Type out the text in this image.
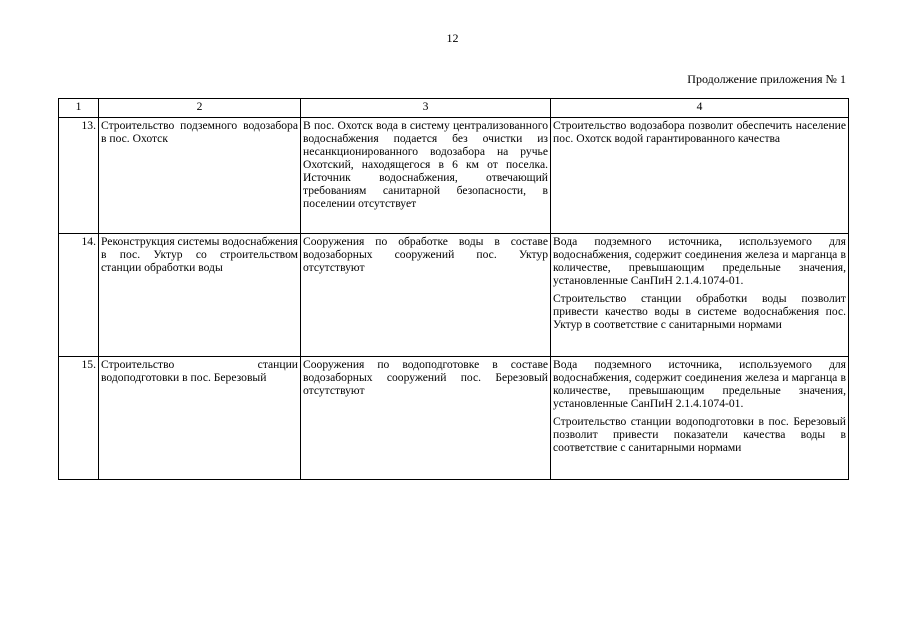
12
Продолжение приложения № 1
1	2	3	4
13.	Строительство подземного водозабора в пос. Охотск	В пос. Охотск вода в систему централизованного водоснабжения подается без очистки из несанкционированного водозабора на ручье Охотский, находящегося в 6 км от поселка. Источник водоснабжения, отвечающий требованиям санитарной безопасности, в поселении отсутствует	Строительство водозабора позволит обеспечить население пос. Охотск водой гарантированного качества

14.	Реконструкция системы водоснабжения в пос. Уктур со строительством станции обработки воды	Сооружения по обработке воды в составе водозаборных сооружений пос. Уктур отсутствуют	Вода подземного источника, используемого для водоснабжения, содержит соединения железа и марганца в количестве, превышающим предельные значения, установленные СанПиН 2.1.4.1074-01.

Строительство станции обработки воды позволит привести качество воды в системе водоснабжения пос. Уктур в соответствие с санитарными нормами

15.	Строительство станции водоподготовки в пос. Березовый	Сооружения по водоподготовке в составе водозаборных сооружений пос. Березовый отсутствуют	Вода подземного источника, используемого для водоснабжения, содержит соединения железа и марганца в количестве, превышающим предельные значения, установленные СанПиН 2.1.4.1074-01.

Строительство станции водоподготовки в пос. Березовый позволит привести показатели качества воды в соответствие с санитарными нормами
